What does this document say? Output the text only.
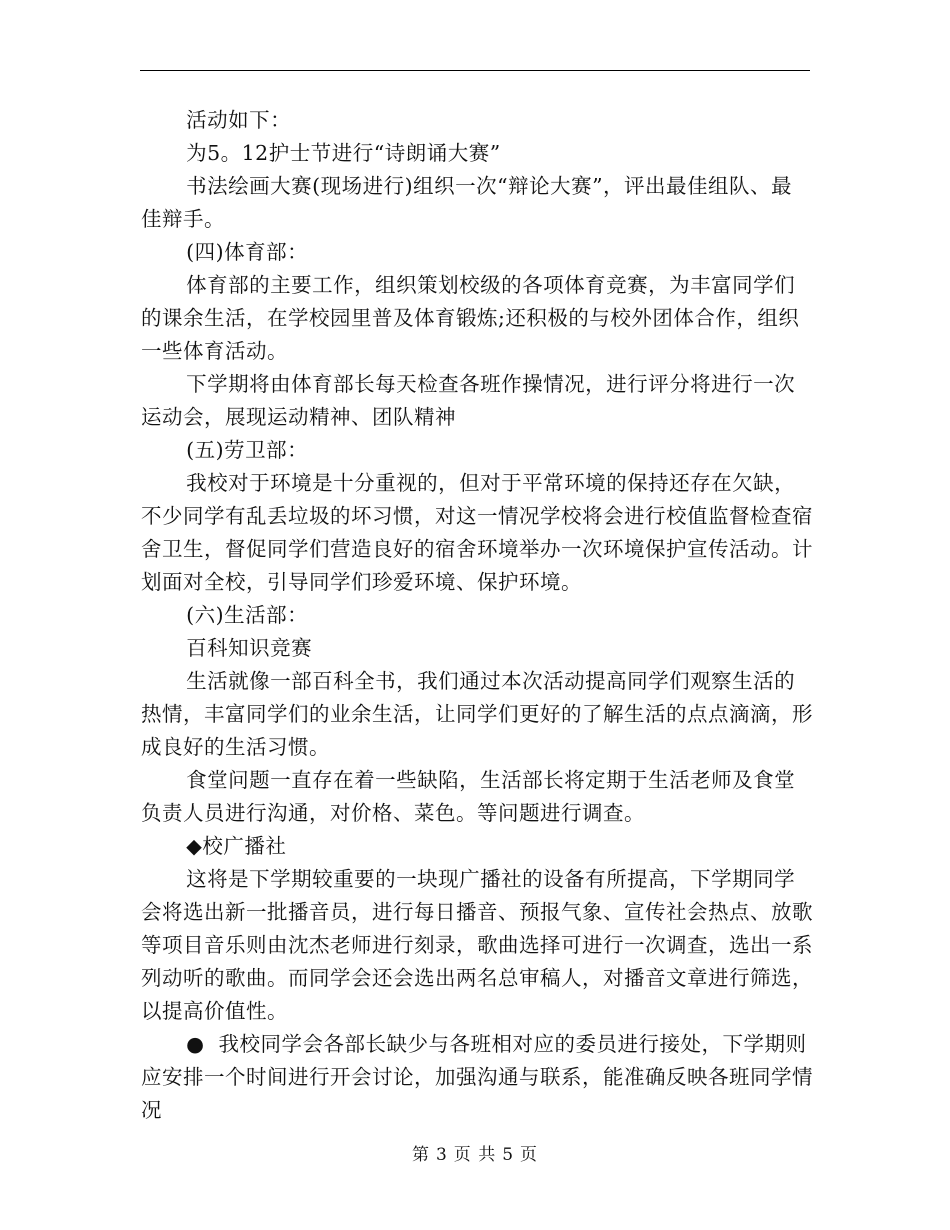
活动如下：

为5。12护士节进行“诗朗诵大赛”

书法绘画大赛(现场进行)组织一次“辩论大赛”，评出最佳组队、最佳辩手。

(四)体育部：

体育部的主要工作，组织策划校级的各项体育竞赛，为丰富同学们的课余生活，在学校园里普及体育锻炼;还积极的与校外团体合作，组织一些体育活动。

下学期将由体育部长每天检查各班作操情况，进行评分将进行一次运动会，展现运动精神、团队精神

(五)劳卫部：

我校对于环境是十分重视的，但对于平常环境的保持还存在欠缺，不少同学有乱丢垃圾的坏习惯，对这一情况学校将会进行校值监督检查宿舍卫生，督促同学们营造良好的宿舍环境举办一次环境保护宣传活动。计划面对全校，引导同学们珍爱环境、保护环境。

(六)生活部：

百科知识竞赛

生活就像一部百科全书，我们通过本次活动提高同学们观察生活的热情，丰富同学们的业余生活，让同学们更好的了解生活的点点滴滴，形成良好的生活习惯。

食堂问题一直存在着一些缺陷，生活部长将定期于生活老师及食堂负责人员进行沟通，对价格、菜色。等问题进行调查。

◆校广播社

这将是下学期较重要的一块现广播社的设备有所提高，下学期同学会将选出新一批播音员，进行每日播音、预报气象、宣传社会热点、放歌等项目音乐则由沈杰老师进行刻录，歌曲选择可进行一次调查，选出一系列动听的歌曲。而同学会还会选出两名总审稿人，对播音文章进行筛选，以提高价值性。

●  我校同学会各部长缺少与各班相对应的委员进行接处，下学期则应安排一个时间进行开会讨论，加强沟通与联系，能准确反映各班同学情况

第 3 页 共 5 页
